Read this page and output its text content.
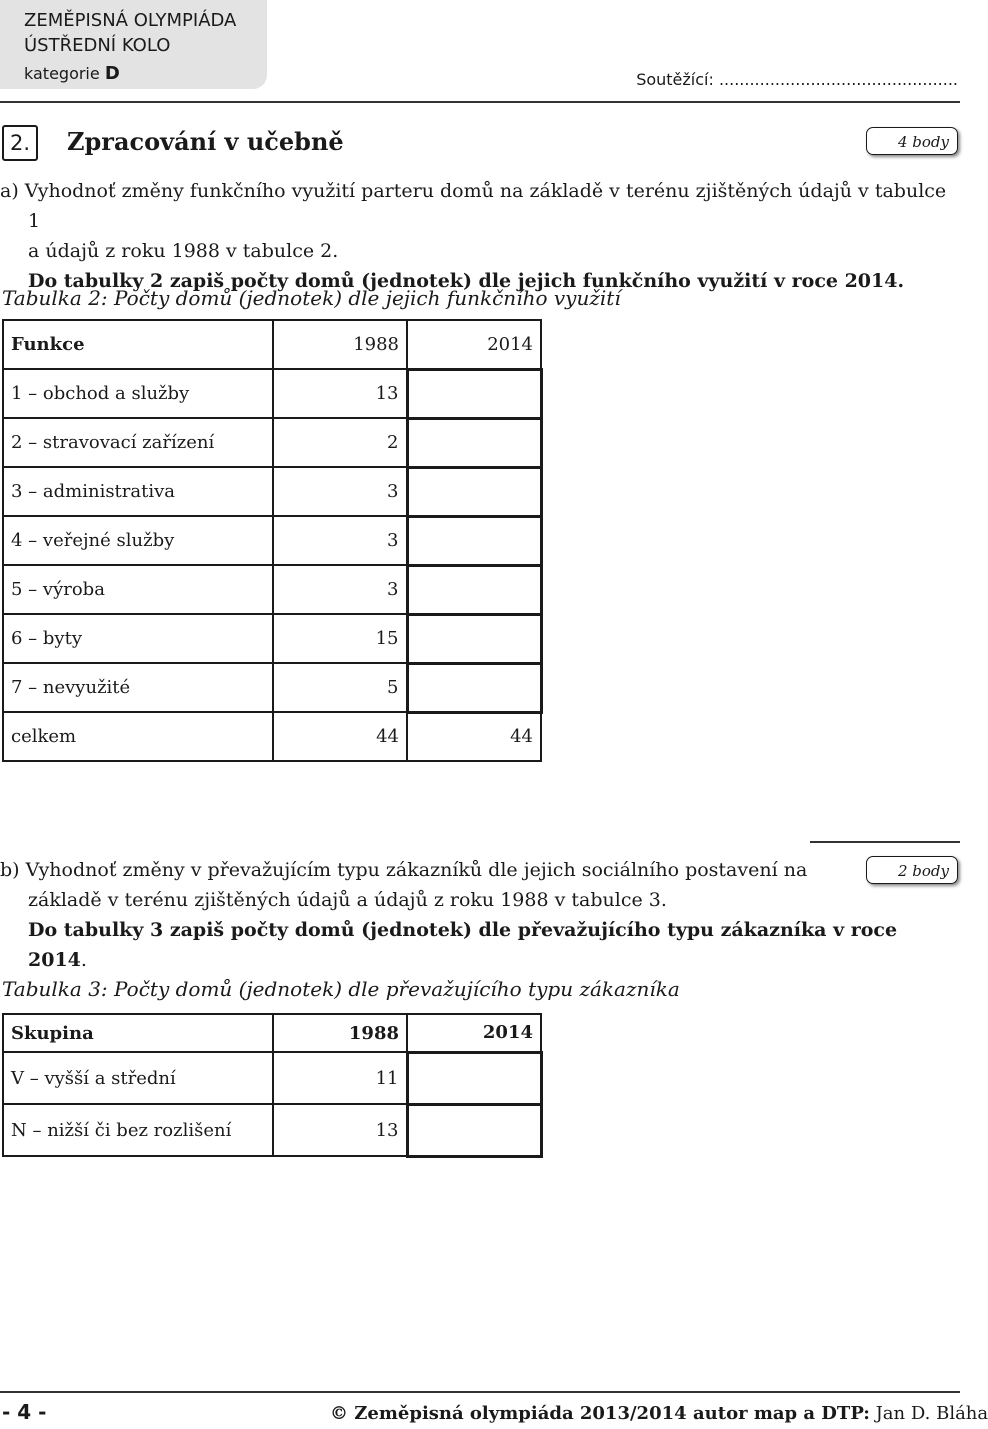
ZEMĚPISNÁ OLYMPIÁDA
ÚSTŘEDNÍ KOLO
kategorie D	Soutěžící: ...............................................
2.	Zpracování v učebně	4 body
a) Vyhodnoť změny funkčního využití parteru domů na základě v terénu zjištěných údajů v tabulce 1
a údajů z roku 1988 v tabulce 2.
Do tabulky 2 zapiš počty domů (jednotek) dle jejich funkčního využití v roce 2014.
Tabulka 2: Počty domů (jednotek) dle jejich funkčního využití
Funkce	1988	2014
1 – obchod a služby	13	
2 – stravovací zařízení	2	
3 – administrativa	3	
4 – veřejné služby	3	
5 – výroba	3	
6 – byty	15	
7 – nevyužité	5	
celkem	44	44
2 body
b) Vyhodnoť změny v převažujícím typu zákazníků dle jejich sociálního postavení na
základě v terénu zjištěných údajů a údajů z roku 1988 v tabulce 3.
Do tabulky 3 zapiš počty domů (jednotek) dle převažujícího typu zákazníka v roce 2014.
Tabulka 3: Počty domů (jednotek) dle převažujícího typu zákazníka
Skupina	1988	2014
V – vyšší a střední	11	
N – nižší či bez rozlišení	13	
- 4 -	© Zeměpisná olympiáda 2013/2014 autor map a DTP: Jan D. Bláha
